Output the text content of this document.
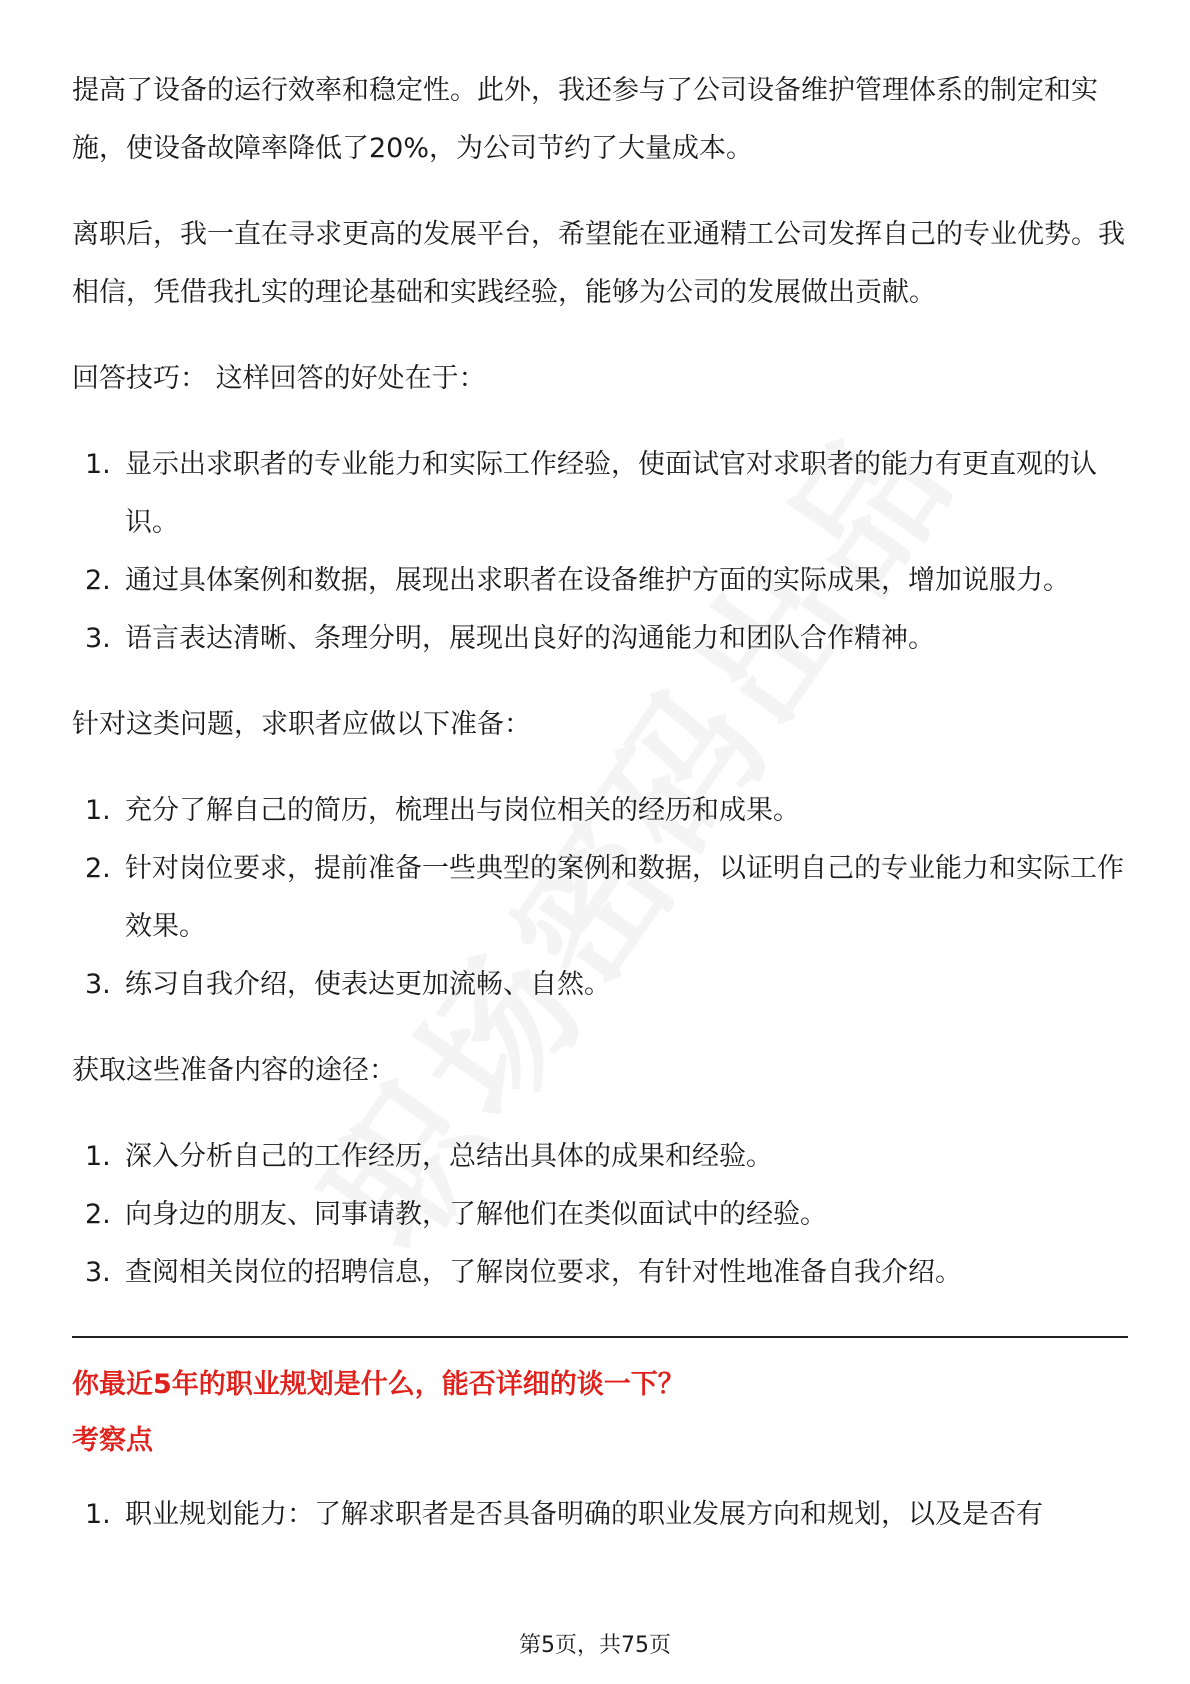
提高了设备的运行效率和稳定性。此外，我还参与了公司设备维护管理体系的制定和实施，使设备故障率降低了20%，为公司节约了大量成本。

离职后，我一直在寻求更高的发展平台，希望能在亚通精工公司发挥自己的专业优势。我相信，凭借我扎实的理论基础和实践经验，能够为公司的发展做出贡献。

回答技巧： 这样回答的好处在于：

1. 显示出求职者的专业能力和实际工作经验，使面试官对求职者的能力有更直观的认识。
2. 通过具体案例和数据，展现出求职者在设备维护方面的实际成果，增加说服力。
3. 语言表达清晰、条理分明，展现出良好的沟通能力和团队合作精神。

针对这类问题，求职者应做以下准备：

1. 充分了解自己的简历，梳理出与岗位相关的经历和成果。
2. 针对岗位要求，提前准备一些典型的案例和数据，以证明自己的专业能力和实际工作效果。
3. 练习自我介绍，使表达更加流畅、自然。

获取这些准备内容的途径：

1. 深入分析自己的工作经历，总结出具体的成果和经验。
2. 向身边的朋友、同事请教，了解他们在类似面试中的经验。
3. 查阅相关岗位的招聘信息，了解岗位要求，有针对性地准备自我介绍。
你最近5年的职业规划是什么，能否详细的谈一下？
考察点
1. 职业规划能力：了解求职者是否具备明确的职业发展方向和规划，以及是否有
第5页，共75页
